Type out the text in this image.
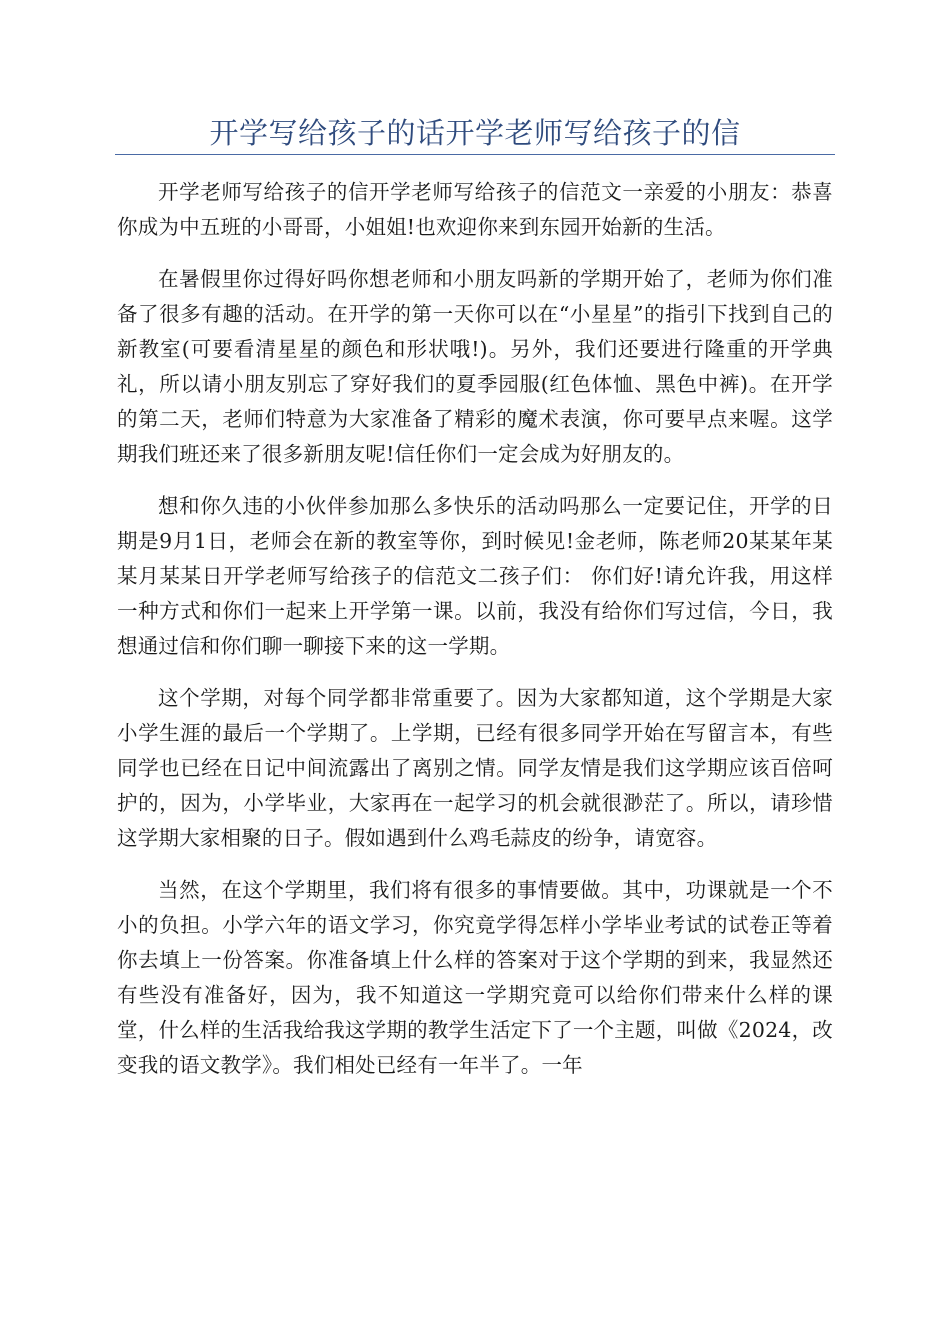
开学写给孩子的话开学老师写给孩子的信

开学老师写给孩子的信开学老师写给孩子的信范文一亲爱的小朋友：恭喜你成为中五班的小哥哥，小姐姐!也欢迎你来到东园开始新的生活。

在暑假里你过得好吗你想老师和小朋友吗新的学期开始了，老师为你们准备了很多有趣的活动。在开学的第一天你可以在“小星星”的指引下找到自己的新教室(可要看清星星的颜色和形状哦!)。另外，我们还要进行隆重的开学典礼，所以请小朋友别忘了穿好我们的夏季园服(红色体恤、黑色中裤)。在开学的第二天，老师们特意为大家准备了精彩的魔术表演，你可要早点来喔。这学期我们班还来了很多新朋友呢!信任你们一定会成为好朋友的。

想和你久违的小伙伴参加那么多快乐的活动吗那么一定要记住，开学的日期是9月1日，老师会在新的教室等你，到时候见!金老师，陈老师20某某年某某月某某日开学老师写给孩子的信范文二孩子们： 你们好!请允许我，用这样一种方式和你们一起来上开学第一课。以前，我没有给你们写过信，今日，我想通过信和你们聊一聊接下来的这一学期。

这个学期，对每个同学都非常重要了。因为大家都知道，这个学期是大家小学生涯的最后一个学期了。上学期，已经有很多同学开始在写留言本，有些同学也已经在日记中间流露出了离别之情。同学友情是我们这学期应该百倍呵护的，因为，小学毕业，大家再在一起学习的机会就很渺茫了。所以，请珍惜这学期大家相聚的日子。假如遇到什么鸡毛蒜皮的纷争，请宽容。

当然，在这个学期里，我们将有很多的事情要做。其中，功课就是一个不小的负担。小学六年的语文学习，你究竟学得怎样小学毕业考试的试卷正等着你去填上一份答案。你准备填上什么样的答案对于这个学期的到来，我显然还有些没有准备好，因为，我不知道这一学期究竟可以给你们带来什么样的课堂，什么样的生活我给我这学期的教学生活定下了一个主题，叫做《2024，改变我的语文教学》。我们相处已经有一年半了。一年
